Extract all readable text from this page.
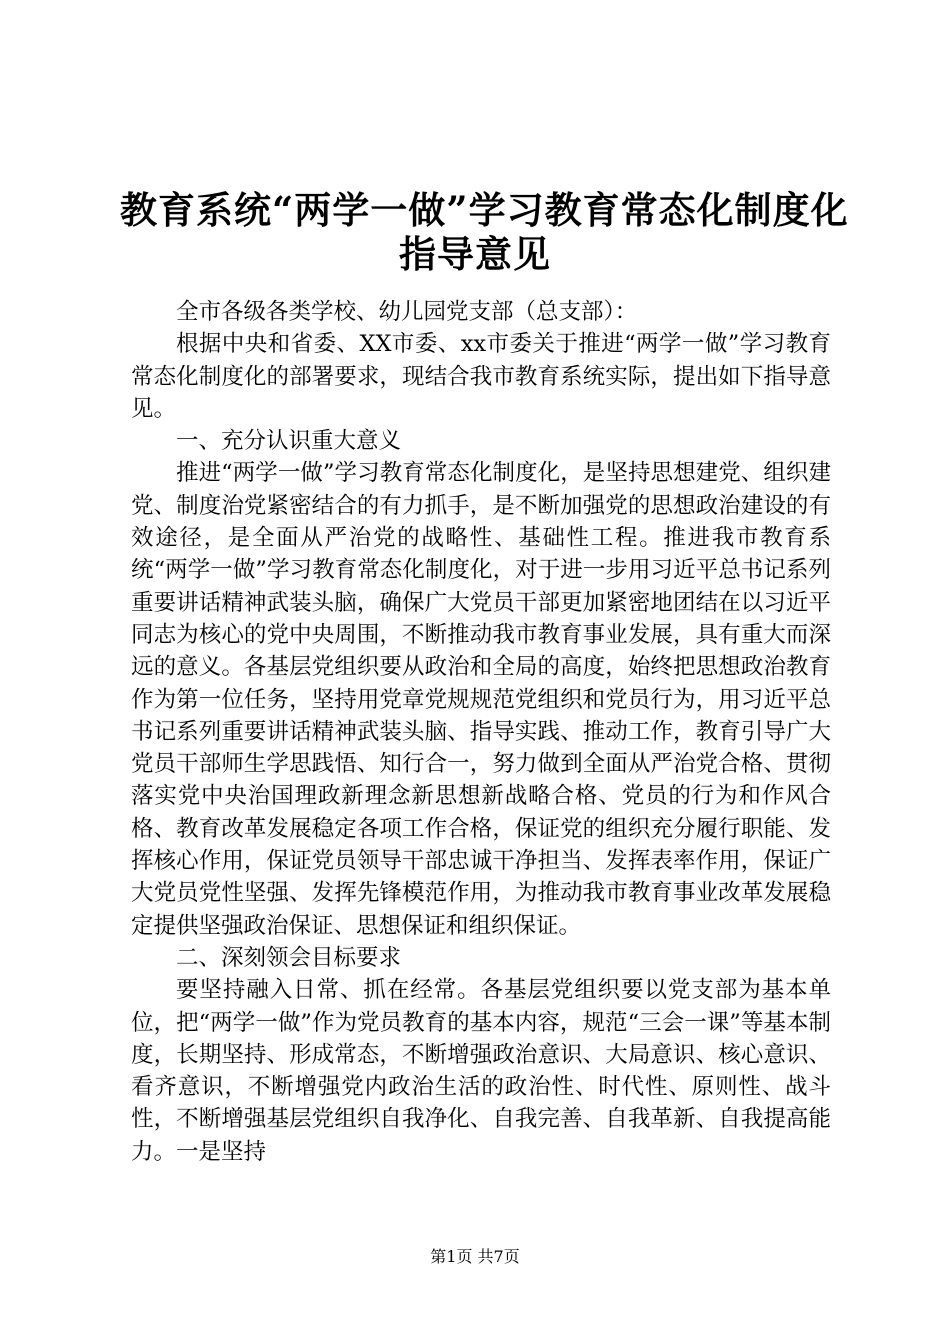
教育系统“两学一做”学习教育常态化制度化
指导意见

全市各级各类学校、幼儿园党支部（总支部）：

根据中央和省委、XX市委、xx市委关于推进“两学一做”学习教育常态化制度化的部署要求，现结合我市教育系统实际，提出如下指导意见。

一、充分认识重大意义

推进“两学一做”学习教育常态化制度化，是坚持思想建党、组织建党、制度治党紧密结合的有力抓手，是不断加强党的思想政治建设的有效途径，是全面从严治党的战略性、基础性工程。推进我市教育系统“两学一做”学习教育常态化制度化，对于进一步用习近平总书记系列重要讲话精神武装头脑，确保广大党员干部更加紧密地团结在以习近平同志为核心的党中央周围，不断推动我市教育事业发展，具有重大而深远的意义。各基层党组织要从政治和全局的高度，始终把思想政治教育作为第一位任务，坚持用党章党规规范党组织和党员行为，用习近平总书记系列重要讲话精神武装头脑、指导实践、推动工作，教育引导广大党员干部师生学思践悟、知行合一，努力做到全面从严治党合格、贯彻落实党中央治国理政新理念新思想新战略合格、党员的行为和作风合格、教育改革发展稳定各项工作合格，保证党的组织充分履行职能、发挥核心作用，保证党员领导干部忠诚干净担当、发挥表率作用，保证广大党员党性坚强、发挥先锋模范作用，为推动我市教育事业改革发展稳定提供坚强政治保证、思想保证和组织保证。

二、深刻领会目标要求

要坚持融入日常、抓在经常。各基层党组织要以党支部为基本单位，把“两学一做”作为党员教育的基本内容，规范“三会一课”等基本制度，长期坚持、形成常态，不断增强政治意识、大局意识、核心意识、看齐意识，不断增强党内政治生活的政治性、时代性、原则性、战斗性，不断增强基层党组织自我净化、自我完善、自我革新、自我提高能力。一是坚持

第1页 共7页
